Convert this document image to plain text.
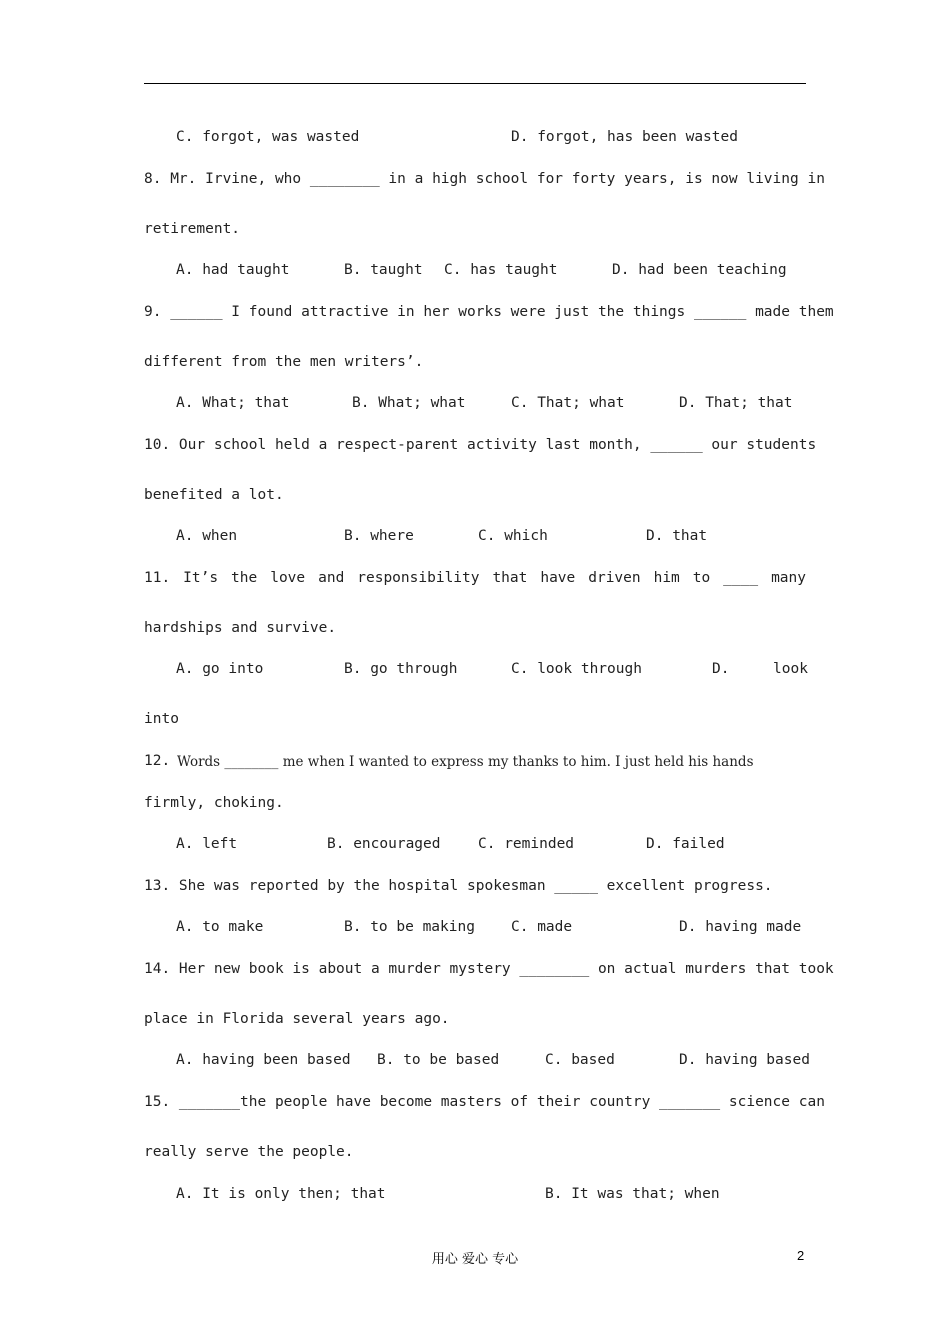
C. forgot, was wasted

	D. forgot, has been wasted

8. Mr. Irvine, who ________ in a high school for forty years, is now living in
retirement.

A. had taught

	B. taught

C. has taught

	D. had been teaching

9. ______ I found attractive in her works were just the things ______ made them
different from the men writers’.

A. What; that

	B. What; what

	C. That; what

	D. That; that

10. Our school held a respect-parent activity last month, ______ our students
benefited a lot.

A. when

	B. where

	C. which

	D. that

11. It’s the love and responsibility that have driven him to ____ many
hardships and survive.

A. go into

	B. go through

	C. look through

	D.

	look

into

12.

Words ________ me when I wanted to express my thanks to him. I just held his hands

firmly, choking.

A. left

	B. encouraged

	C. reminded

	D. failed

13. She was reported by the hospital spokesman _____ excellent progress.

A. to make

	B. to be making

C. made

	D. having made

14. Her new book is about a murder mystery ________ on actual murders that took
place in Florida several years ago.

A. having been based

B. to be based

	C. based

	D. having based

15. _______the people have become masters of their country _______ science can
really serve the people.

A. It is only then; that

	B. It was that; when

用心 爱心 专心	2
